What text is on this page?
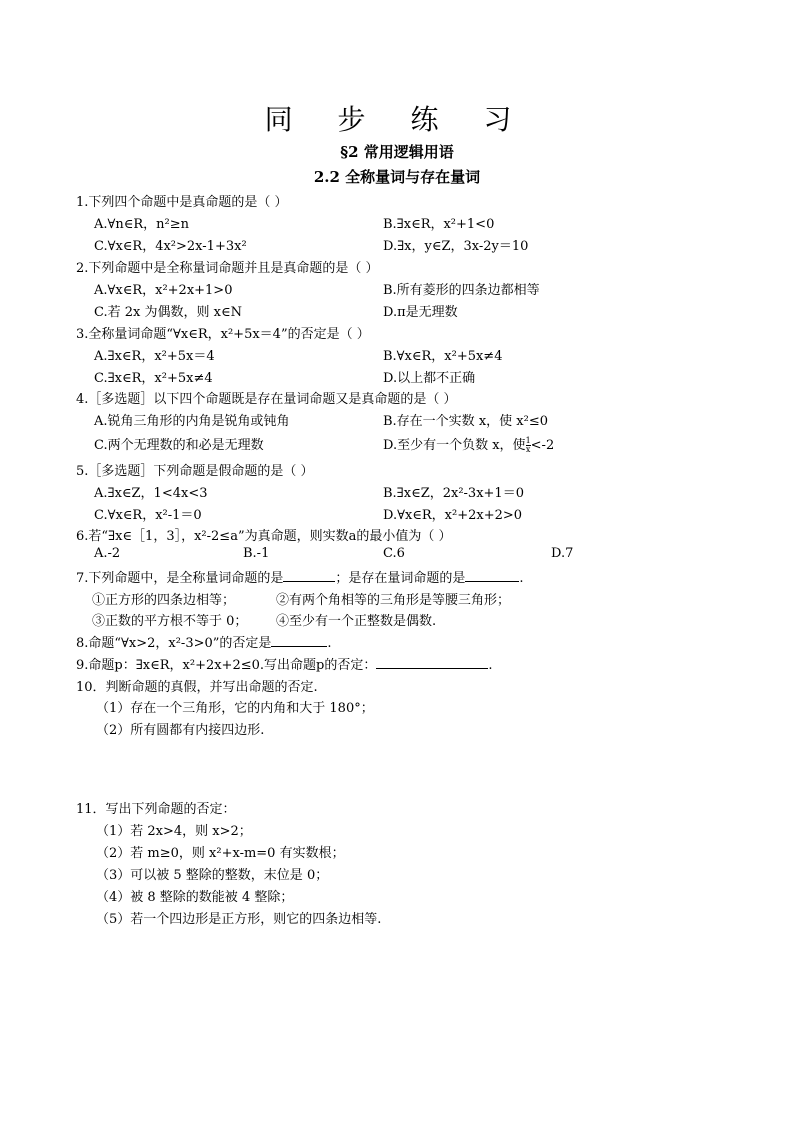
同 步 练 习
§2 常用逻辑用语
2.2 全称量词与存在量词
1.下列四个命题中是真命题的是（ ）
A.∀n∈R，n²≥n	B.∃x∈R，x²+1<0
C.∀x∈R，4x²>2x-1+3x²	D.∃x，y∈Z，3x-2y＝10
2.下列命题中是全称量词命题并且是真命题的是（ ）
A.∀x∈R，x²+2x+1>0	B.所有菱形的四条边都相等
C.若 2x 为偶数，则 x∈N	D.π是无理数
3.全称量词命题“∀x∈R，x²+5x＝4”的否定是（ ）
A.∃x∈R，x²+5x＝4	B.∀x∈R，x²+5x≠4
C.∃x∈R，x²+5x≠4	D.以上都不正确
4.［多选题］以下四个命题既是存在量词命题又是真命题的是（ ）
A.锐角三角形的内角是锐角或钝角	B.存在一个实数 x，使 x²≤0
C.两个无理数的和必是无理数	D.至少有一个负数 x，使 $\frac{1}{x} <-2$
5.［多选题］下列命题是假命题的是（ ）
A.∃x∈Z，1<4x<3	B.∃x∈Z，2x²-3x+1＝0
C.∀x∈R，x²-1＝0	D.∀x∈R，x²+2x+2>0
6.若“∃x∈［1，3］，x²-2≤a”为真命题，则实数a的最小值为（ ）
A.-2	B.-1	C.6	D.7
7.下列命题中，是全称量词命题的是	；是存在量词命题的是	.
①正方形的四条边相等；	②有两个角相等的三角形是等腰三角形；
③正数的平方根不等于 0； ④至少有一个正整数是偶数.
8.命题“∀x>2，x²-3>0”的否定是	.
9.命题p：∃x∈R，x²+2x+2≤0.写出命题p的否定：	.
10．判断命题的真假，并写出命题的否定.
（1）存在一个三角形，它的内角和大于 180°；
（2）所有圆都有内接四边形.
11．写出下列命题的否定：
（1）若 2x>4，则 x>2；
（2）若 m≥0，则 x²+x-m=0 有实数根；
（3）可以被 5 整除的整数，末位是 0；
（4）被 8 整除的数能被 4 整除；
（5）若一个四边形是正方形，则它的四条边相等.
